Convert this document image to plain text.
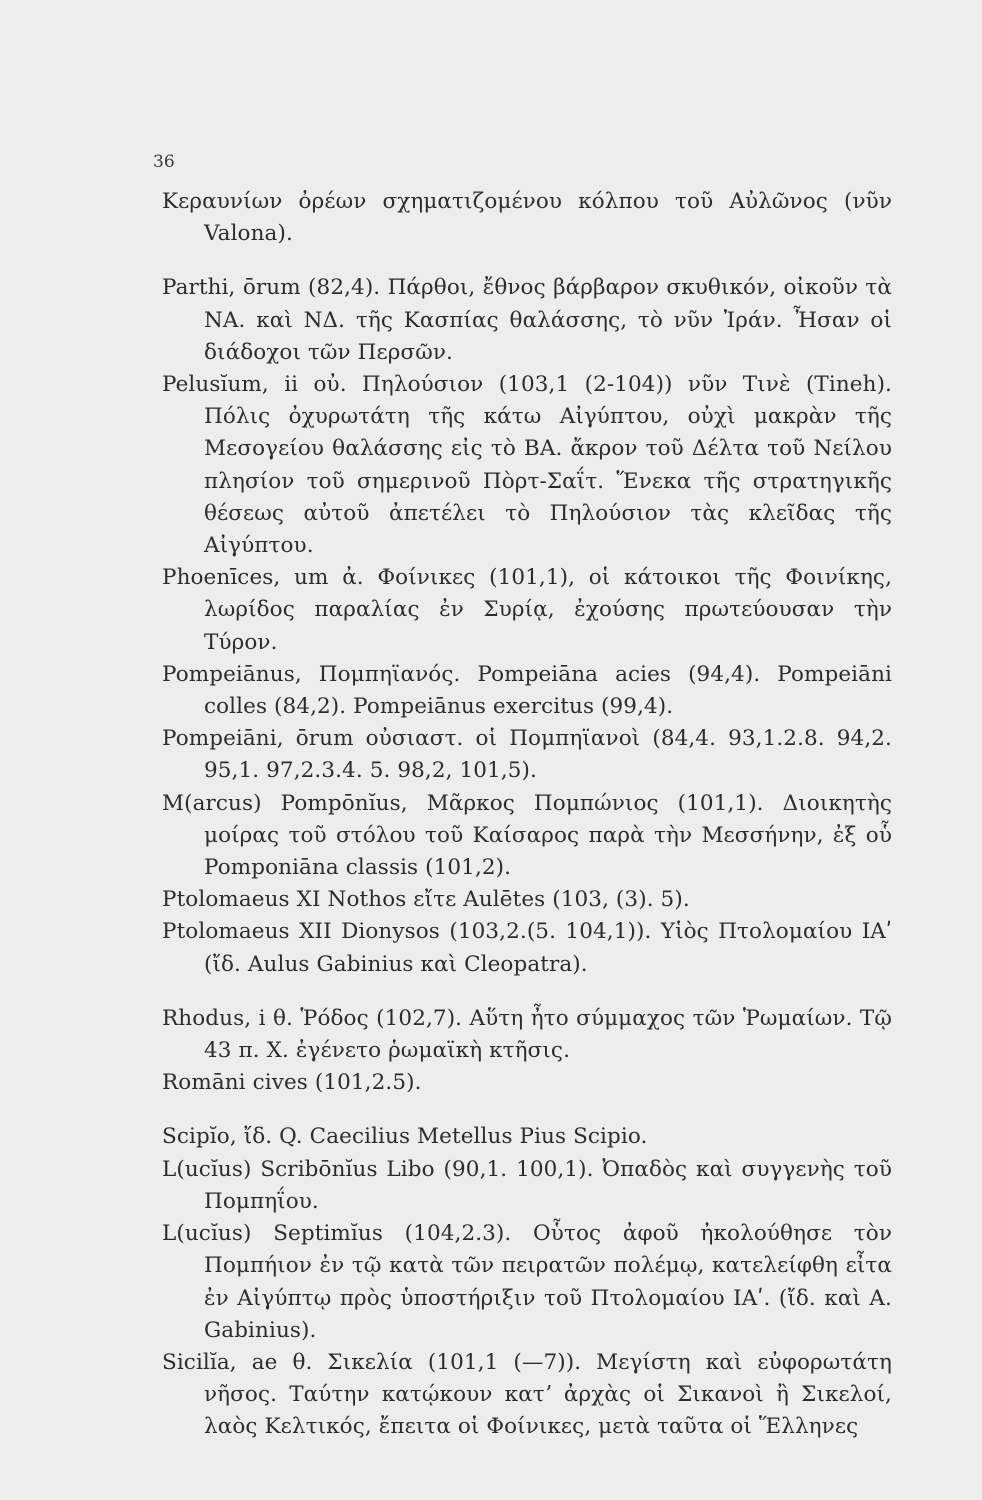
36

Κεραυνίων ὀρέων σχηματιζομένου κόλπου τοῦ Αὐλῶνος (νῦν Valona).

Parthi, ōrum (82,4). Πάρθοι, ἔθνος βάρβαρον σκυθικόν, οἰκοῦν τὰ ΝΑ. καὶ ΝΔ. τῆς Κασπίας θαλάσσης, τὸ νῦν Ἰράν. Ἦσαν οἱ διάδοχοι τῶν Περσῶν.

Pelusĭum, ii οὐ. Πηλούσιον (103,1 (2-104)) νῦν Τινὲ (Tineh). Πόλις ὀχυρωτάτη τῆς κάτω Αἰγύπτου, οὐχὶ μακρὰν τῆς Μεσογείου θαλάσσης εἰς τὸ ΒΑ. ἄκρον τοῦ Δέλτα τοῦ Νείλου πλησίον τοῦ σημερινοῦ Πὸρτ-Σαΐτ. Ἕνεκα τῆς στρατηγικῆς θέσεως αὐτοῦ ἀπετέλει τὸ Πηλούσιον τὰς κλεῖδας τῆς Αἰγύπτου.

Phoenīces, um ἀ. Φοίνικες (101,1), οἱ κάτοικοι τῆς Φοινίκης, λωρίδος παραλίας ἐν Συρίᾳ, ἐχούσης πρωτεύουσαν τὴν Τύρον.

Pompeiānus, Πομπηϊανός. Pompeiāna acies (94,4). Pompeiāni colles (84,2). Pompeiānus exercitus (99,4).

Pompeiāni, ōrum οὐσιαστ. οἱ Πομπηϊανοὶ (84,4. 93,1.2.8. 94,2. 95,1. 97,2.3.4. 5. 98,2, 101,5).

M(arcus) Pompōnĭus, Μᾶρκος Πομπώνιος (101,1). Διοικητὴς μοίρας τοῦ στόλου τοῦ Καίσαρος παρὰ τὴν Μεσσήνην, ἐξ οὗ Pomponiāna classis (101,2).

Ptolomaeus XI Nothos εἴτε Aulētes (103, (3). 5).

Ptolomaeus XII Dionysos (103,2.(5. 104,1)). Υἱὸς Πτολομαίου ΙΑʹ (ἴδ. Aulus Gabinius καὶ Cleopatra).

Rhodus, i θ. Ῥόδος (102,7). Αὕτη ἦτο σύμμαχος τῶν Ῥωμαίων. Τῷ 43 π. Χ. ἐγένετο ῥωμαϊκὴ κτῆσις.

Romāni cives (101,2.5).

Scipĭo, ἴδ. Q. Caecilius Metellus Pius Scipio.

L(ucĭus) Scribōnĭus Libo (90,1. 100,1). Ὀπαδὸς καὶ συγγενὴς τοῦ Πομπηΐου.

L(ucĭus) Septimĭus (104,2.3). Οὗτος ἀφοῦ ἠκολούθησε τὸν Πομπήιον ἐν τῷ κατὰ τῶν πειρατῶν πολέμῳ, κατελείφθη εἶτα ἐν Αἰγύπτῳ πρὸς ὑποστήριξιν τοῦ Πτολομαίου ΙΑʹ. (ἴδ. καὶ A. Gabinius).

Sicilĭa, ae θ. Σικελία (101,1 (—7)). Μεγίστη καὶ εὐφορωτάτη νῆσος. Ταύτην κατῴκουν κατʼ ἀρχὰς οἱ Σικανοὶ ἢ Σικελοί, λαὸς Κελτικός, ἔπειτα οἱ Φοίνικες, μετὰ ταῦτα οἱ Ἕλληνες
